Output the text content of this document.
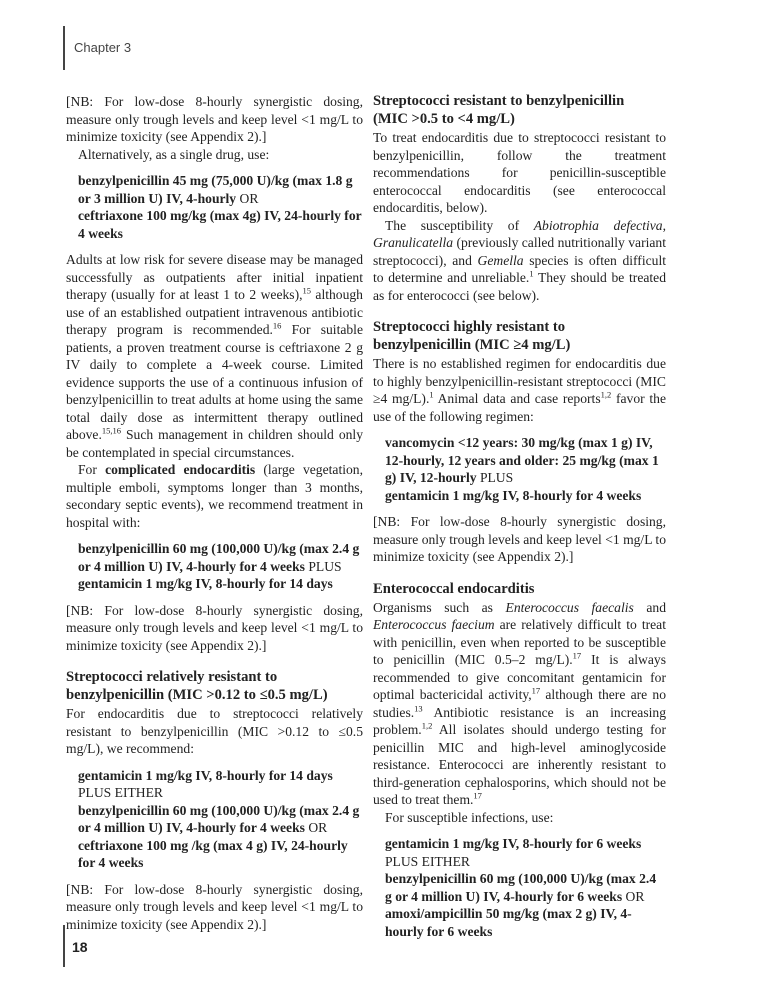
Chapter 3

[NB: For low-dose 8-hourly synergistic dosing, measure only trough levels and keep level <1 mg/L to minimize toxicity (see Appendix 2).]

Alternatively, as a single drug, use:

benzylpenicillin 45 mg (75,000 U)/kg (max 1.8 g or 3 million U) IV, 4-hourly OR
ceftriaxone 100 mg/kg (max 4g) IV, 24-hourly for 4 weeks

Adults at low risk for severe disease may be managed successfully as outpatients after initial inpatient therapy (usually for at least 1 to 2 weeks),$^{15}$ although use of an established outpatient intravenous antibiotic therapy program is recommended.$^{16}$ For suitable patients, a proven treatment course is ceftriaxone 2 g IV daily to complete a 4-week course. Limited evidence supports the use of a continuous infusion of benzylpenicillin to treat adults at home using the same total daily dose as intermittent therapy outlined above.$^{15,16}$ Such management in children should only be contemplated in special circumstances.

For complicated endocarditis (large vegetation, multiple emboli, symptoms longer than 3 months, secondary septic events), we recommend treatment in hospital with:

benzylpenicillin 60 mg (100,000 U)/kg (max 2.4 g or 4 million U) IV, 4-hourly for 4 weeks PLUS
gentamicin 1 mg/kg IV, 8-hourly for 14 days

[NB: For low-dose 8-hourly synergistic dosing, measure only trough levels and keep level <1 mg/L to minimize toxicity (see Appendix 2).]

Streptococci relatively resistant to
benzylpenicillin (MIC >0.12 to ≤0.5 mg/L)

For endocarditis due to streptococci relatively resistant to benzylpenicillin (MIC >0.12 to ≤0.5 mg/L), we recommend:

gentamicin 1 mg/kg IV, 8-hourly for 14 days
PLUS EITHER
benzylpenicillin 60 mg (100,000 U)/kg (max 2.4 g or 4 million U) IV, 4-hourly for 4 weeks OR
ceftriaxone 100 mg /kg (max 4 g) IV, 24-hourly for 4 weeks

[NB: For low-dose 8-hourly synergistic dosing, measure only trough levels and keep level <1 mg/L to minimize toxicity (see Appendix 2).]

Streptococci resistant to benzylpenicillin
(MIC >0.5 to <4 mg/L)

To treat endocarditis due to streptococci resistant to benzylpenicillin, follow the treatment recommendations for penicillin-susceptible enterococcal endocarditis (see enterococcal endocarditis, below).

The susceptibility of Abiotrophia defectiva, Granulicatella (previously called nutritionally variant streptococci), and Gemella species is often difficult to determine and unreliable.$^1$ They should be treated as for enterococci (see below).

Streptococci highly resistant to
benzylpenicillin (MIC ≥4 mg/L)

There is no established regimen for endocarditis due to highly benzylpenicillin-resistant streptococci (MIC ≥4 mg/L).$^1$ Animal data and case reports$^{1,2}$ favor the use of the following regimen:

vancomycin <12 years: 30 mg/kg (max 1 g) IV, 12-hourly, 12 years and older: 25 mg/kg (max 1 g) IV, 12-hourly PLUS
gentamicin 1 mg/kg IV, 8-hourly for 4 weeks

[NB: For low-dose 8-hourly synergistic dosing, measure only trough levels and keep level <1 mg/L to minimize toxicity (see Appendix 2).]

Enterococcal endocarditis

Organisms such as Enterococcus faecalis and Enterococcus faecium are relatively difficult to treat with penicillin, even when reported to be susceptible to penicillin (MIC 0.5–2 mg/L).$^{17}$ It is always recommended to give concomitant gentamicin for optimal bactericidal activity,$^{17}$ although there are no studies.$^{13}$ Antibiotic resistance is an increasing problem.$^{1,2}$ All isolates should undergo testing for penicillin MIC and high-level aminoglycoside resistance. Enterococci are inherently resistant to third-generation cephalosporins, which should not be used to treat them.$^{17}$

For susceptible infections, use:

gentamicin 1 mg/kg IV, 8-hourly for 6 weeks
PLUS EITHER
benzylpenicillin 60 mg (100,000 U)/kg (max 2.4 g or 4 million U) IV, 4-hourly for 6 weeks OR
amoxi/ampicillin 50 mg/kg (max 2 g) IV, 4-hourly for 6 weeks
18
